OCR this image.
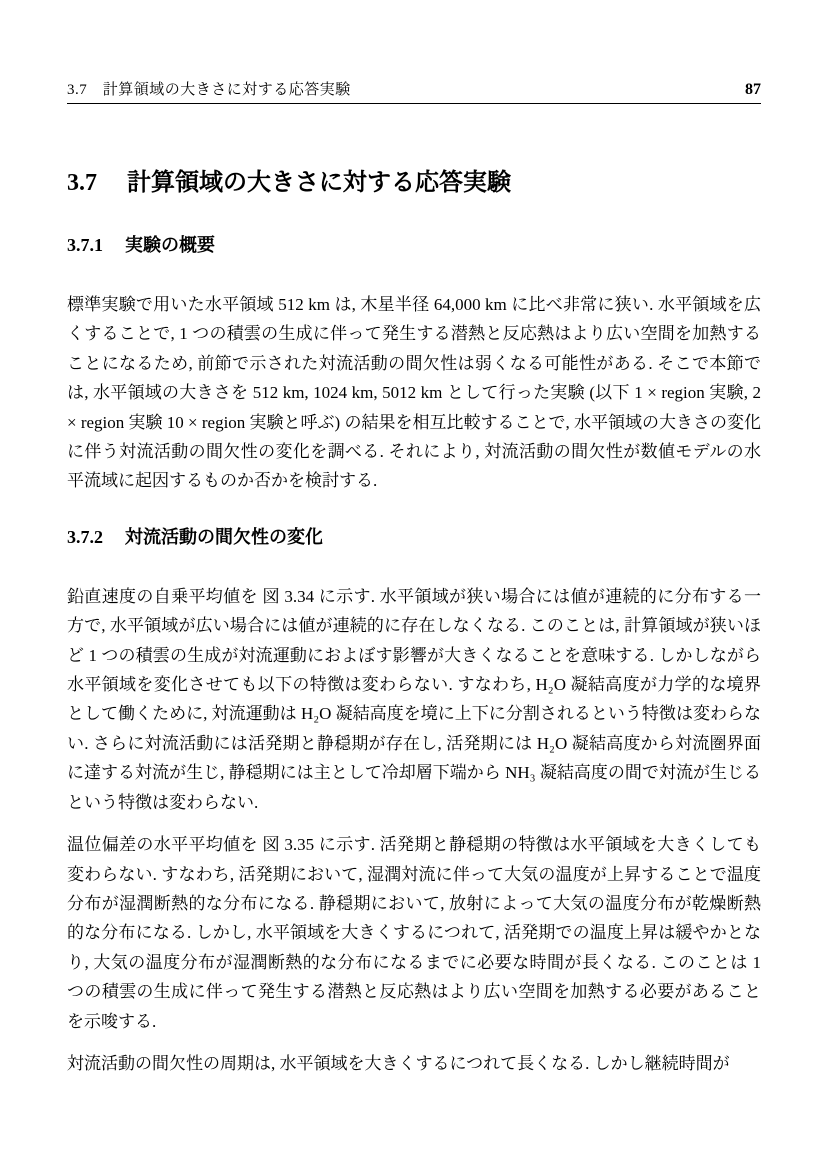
3.7　計算領域の大きさに対する応答実験	87
3.7 計算領域の大きさに対する応答実験
3.7.1 実験の概要

標準実験で用いた水平領域 512 km は, 木星半径 64,000 km に比べ非常に狭い. 水平領域を広くすることで, 1 つの積雲の生成に伴って発生する潜熱と反応熱はより広い空間を加熱することになるため, 前節で示された対流活動の間欠性は弱くなる可能性がある. そこで本節では, 水平領域の大きさを 512 km, 1024 km, 5012 km として行った実験 (以下 1 × region 実験, 2 × region 実験 10 × region 実験と呼ぶ) の結果を相互比較することで, 水平領域の大きさの変化に伴う対流活動の間欠性の変化を調べる. それにより, 対流活動の間欠性が数値モデルの水平流域に起因するものか否かを検討する.

3.7.2 対流活動の間欠性の変化

鉛直速度の自乗平均値を 図 3.34 に示す. 水平領域が狭い場合には値が連続的に分布する一方で, 水平領域が広い場合には値が連続的に存在しなくなる. このことは, 計算領域が狭いほど 1 つの積雲の生成が対流運動におよぼす影響が大きくなることを意味する. しかしながら水平領域を変化させても以下の特徴は変わらない. すなわち, H₂O 凝結高度が力学的な境界として働くために, 対流運動は H₂O 凝結高度を境に上下に分割されるという特徴は変わらない. さらに対流活動には活発期と静穏期が存在し, 活発期には H₂O 凝結高度から対流圏界面に達する対流が生じ, 静穏期には主として冷却層下端から NH₃ 凝結高度の間で対流が生じるという特徴は変わらない.

温位偏差の水平平均値を 図 3.35 に示す. 活発期と静穏期の特徴は水平領域を大きくしても変わらない. すなわち, 活発期において, 湿潤対流に伴って大気の温度が上昇することで温度分布が湿潤断熱的な分布になる. 静穏期において, 放射によって大気の温度分布が乾燥断熱的な分布になる. しかし, 水平領域を大きくするにつれて, 活発期での温度上昇は緩やかとなり, 大気の温度分布が湿潤断熱的な分布になるまでに必要な時間が長くなる. このことは 1 つの積雲の生成に伴って発生する潜熱と反応熱はより広い空間を加熱する必要があることを示唆する.

対流活動の間欠性の周期は, 水平領域を大きくするにつれて長くなる. しかし継続時間が
